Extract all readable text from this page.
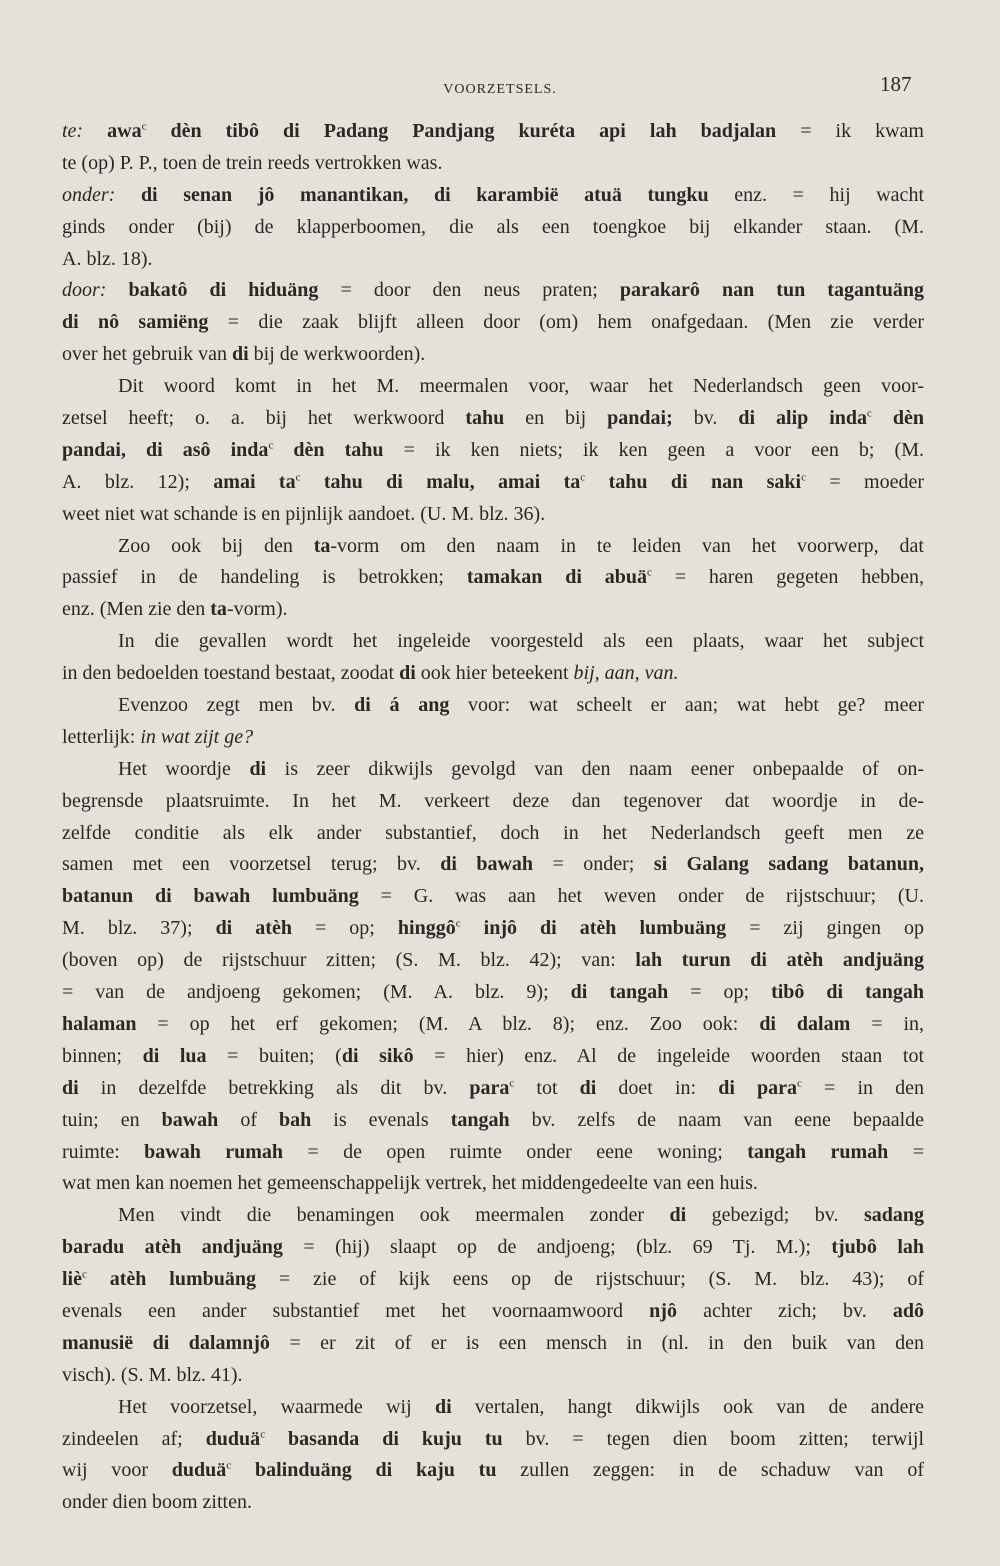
VOORZETSELS.	187
te: awa$^c$ dèn tibô di Padang Pandjang kuréta api lah badjalan = ik kwam
te (op) P. P., toen de trein reeds vertrokken was.
onder: di senan jô manantikan, di karambië atuä tungku enz. = hij wacht
ginds onder (bij) de klapperboomen, die als een toengkoe bij elkander staan. (M.
A. blz. 18).
door: bakatô di hiduäng = door den neus praten; parakarô nan tun tagantuäng
di nô samiëng = die zaak blijft alleen door (om) hem onafgedaan. (Men zie verder
over het gebruik van di bij de werkwoorden).
Dit woord komt in het M. meermalen voor, waar het Nederlandsch geen voor-
zetsel heeft; o. a. bij het werkwoord tahu en bij pandai; bv. di alip inda$^c$ dèn
pandai, di asô inda$^c$ dèn tahu = ik ken niets; ik ken geen a voor een b; (M.
A. blz. 12); amai $ta^c$ tahu di malu, amai $ta^c$ tahu di nan saki$^c$ = moeder
weet niet wat schande is en pijnlijk aandoet. (U. M. blz. 36).
Zoo ook bij den ta-vorm om den naam in te leiden van het voorwerp, dat
passief in de handeling is betrokken; tamakan di abuä$^c$ = haren gegeten hebben,
enz. (Men zie den ta-vorm).
In die gevallen wordt het ingeleide voorgesteld als een plaats, waar het subject
in den bedoelden toestand bestaat, zoodat di ook hier beteekent bij, aan, van.
Evenzoo zegt men bv. di á ang voor: wat scheelt er aan; wat hebt ge? meer
letterlijk: in wat zijt ge?
Het woordje di is zeer dikwijls gevolgd van den naam eener onbepaalde of on-
begrensde plaatsruimte. In het M. verkeert deze dan tegenover dat woordje in de-
zelfde conditie als elk ander substantief, doch in het Nederlandsch geeft men ze
samen met een voorzetsel terug; bv. di bawah = onder; si Galang sadang batanun,
batanun di bawah lumbuäng = G. was aan het weven onder de rijstschuur; (U.
M. blz. 37); di atèh = op; hinggô$^c$ injô di atèh lumbuäng = zij gingen op
(boven op) de rijstschuur zitten; (S. M. blz. 42); van: lah turun di atèh andjuäng
= van de andjoeng gekomen; (M. A. blz. 9); di tangah = op; tibô di tangah
halaman = op het erf gekomen; (M. A blz. 8); enz. Zoo ook: di dalam = in,
binnen; di lua = buiten; (di sikô = hier) enz. Al de ingeleide woorden staan tot
di in dezelfde betrekking als dit bv. para$^c$ tot di doet in: di para$^c$ = in den
tuin; en bawah of bah is evenals tangah bv. zelfs de naam van eene bepaalde
ruimte: bawah rumah = de open ruimte onder eene woning; tangah rumah =
wat men kan noemen het gemeenschappelijk vertrek, het middengedeelte van een huis.
Men vindt die benamingen ook meermalen zonder di gebezigd; bv. sadang
baradu atèh andjuäng = (hij) slaapt op de andjoeng; (blz. 69 Tj. M.); tjubô lah
liè$^c$ atèh lumbuäng = zie of kijk eens op de rijstschuur; (S. M. blz. 43); of
evenals een ander substantief met het voornaamwoord njô achter zich; bv. adô
manusië di dalamnjô = er zit of er is een mensch in (nl. in den buik van den
visch). (S. M. blz. 41).
Het voorzetsel, waarmede wij di vertalen, hangt dikwijls ook van de andere
zindeelen af; duduä$^c$ basanda di kuju tu bv. = tegen dien boom zitten; terwijl
wij voor duduä$^c$ balinduäng di kaju tu zullen zeggen: in de schaduw van of
onder dien boom zitten.
